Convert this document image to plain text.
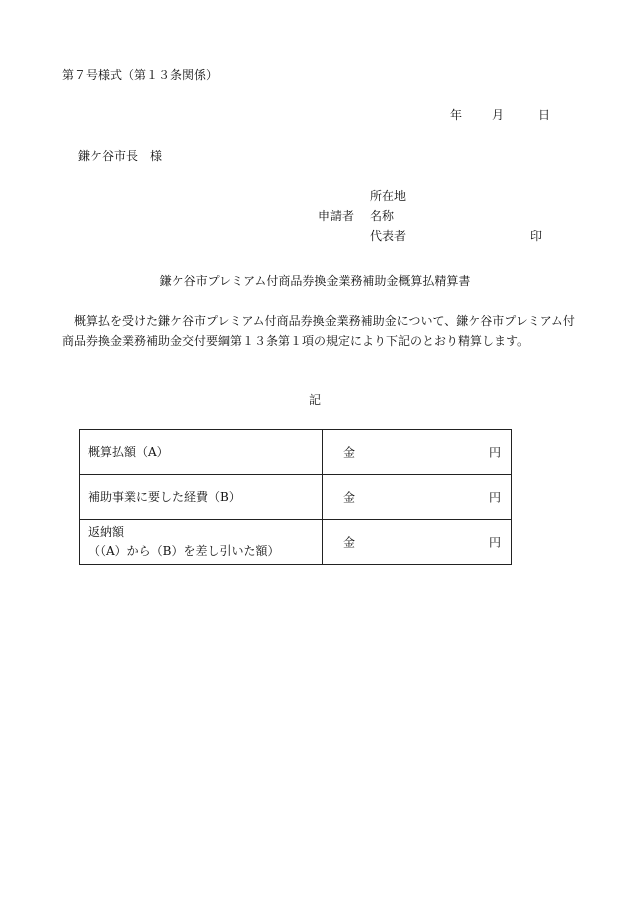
第７号様式（第１３条関係）
年 月	日
鎌ケ谷市長　様
申請者
所在地
名称
代表者	印
鎌ケ谷市プレミアム付商品券換金業務補助金概算払精算書
概算払を受けた鎌ケ谷市プレミアム付商品券換金業務補助金について、鎌ケ谷市プレミアム付商品券換金業務補助金交付要綱第１３条第１項の規定により下記のとおり精算します。
記
概算払額（A）	金 円

補助事業に要した経費（B）	金 円

返納額
（（A）から（B）を差し引いた額）	金 円
